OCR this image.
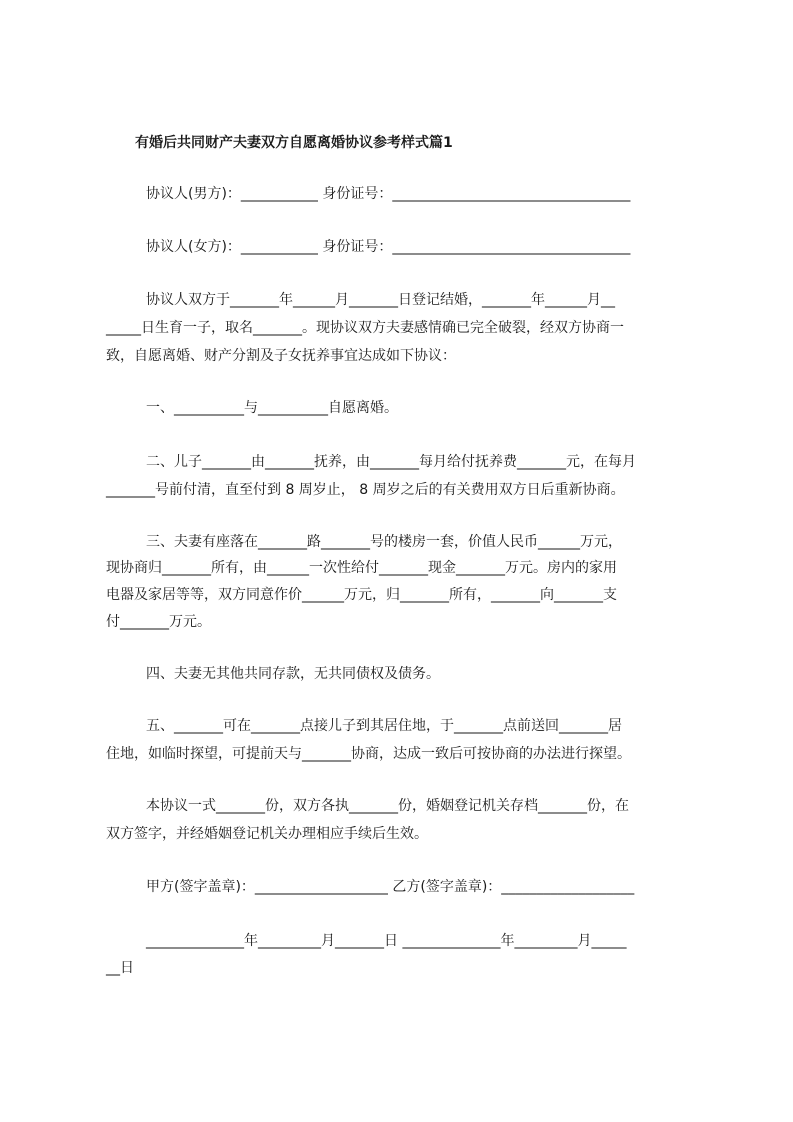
有婚后共同财产夫妻双方自愿离婚协议参考样式篇1
协议人(男方)：___________ 身份证号：__________________________________
协议人(女方)：___________ 身份证号：__________________________________
协议人双方于_______年______月_______日登记结婚，_______年______月__
_____日生育一子，取名_______。现协议双方夫妻感情确已完全破裂，经双方协商一
致，自愿离婚、财产分割及子女抚养事宜达成如下协议：
一、__________与__________自愿离婚。
二、儿子_______由_______抚养，由_______每月给付抚养费_______元，在每月
_______号前付清，直至付到 8 周岁止， 8 周岁之后的有关费用双方日后重新协商。
三、夫妻有座落在_______路_______号的楼房一套，价值人民币______万元，
现协商归_______所有，由______一次性给付_______现金_______万元。房内的家用
电器及家居等等，双方同意作价______万元，归_______所有，_______向_______支
付_______万元。
四、夫妻无其他共同存款，无共同债权及债务。
五、_______可在_______点接儿子到其居住地，于_______点前送回_______居
住地，如临时探望，可提前天与_______协商，达成一致后可按协商的办法进行探望。
本协议一式_______份，双方各执_______份，婚姻登记机关存档_______份，在
双方签字，并经婚姻登记机关办理相应手续后生效。
甲方(签字盖章)：___________________ 乙方(签字盖章)：___________________
______________年_________月_______日 ______________年_________月_____
__日
